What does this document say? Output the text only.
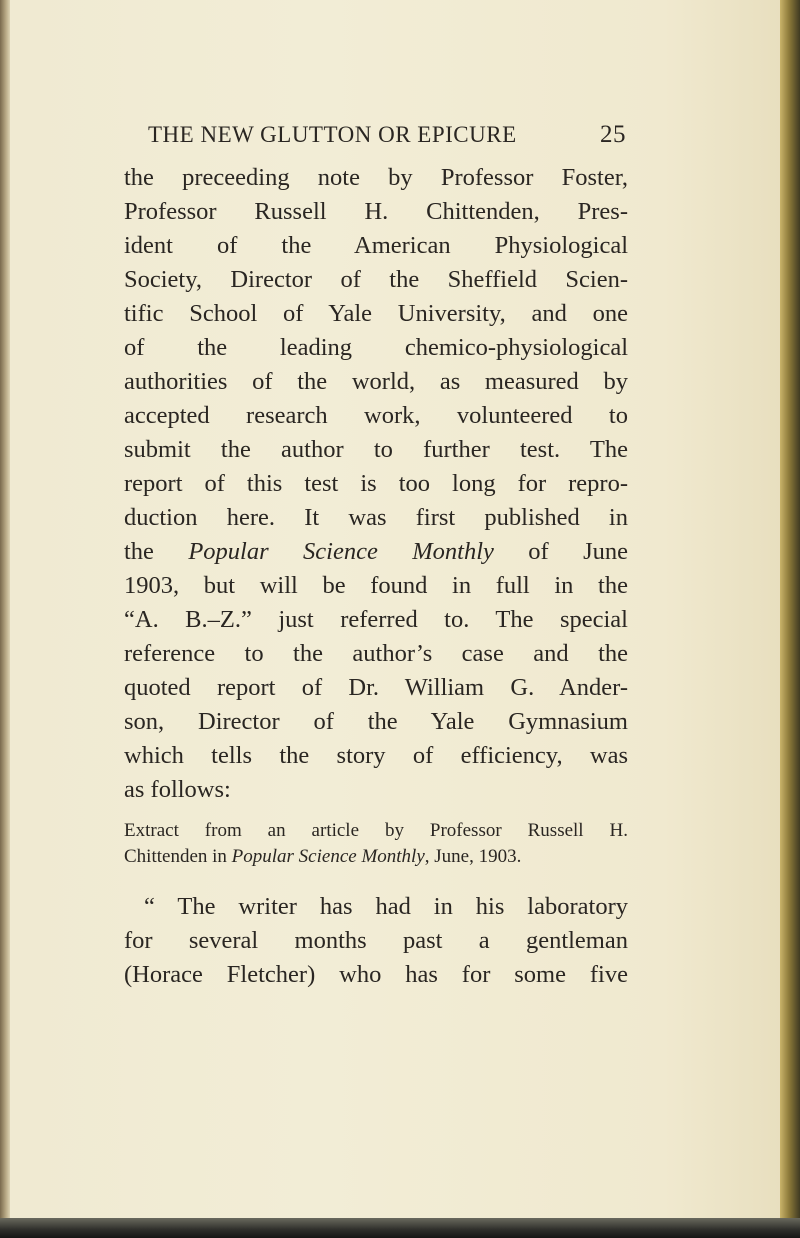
THE NEW GLUTTON OR EPICURE	25
the preceeding note by Professor Foster,
Professor Russell H. Chittenden, Pres-
ident of the American Physiological
Society, Director of the Sheffield Scien-
tific School of Yale University, and one
of the leading chemico-physiological
authorities of the world, as measured by
accepted research work, volunteered to
submit the author to further test. The
report of this test is too long for repro-
duction here. It was first published in
the Popular Science Monthly of June
1903, but will be found in full in the
“A. B.–Z.” just referred to. The special
reference to the author’s case and the
quoted report of Dr. William G. Ander-
son, Director of the Yale Gymnasium
which tells the story of efficiency, was
as follows:
Extract from an article by Professor Russell H.
Chittenden in Popular Science Monthly, June, 1903.
“ The writer has had in his laboratory
for several months past a gentleman
(Horace Fletcher) who has for some five
